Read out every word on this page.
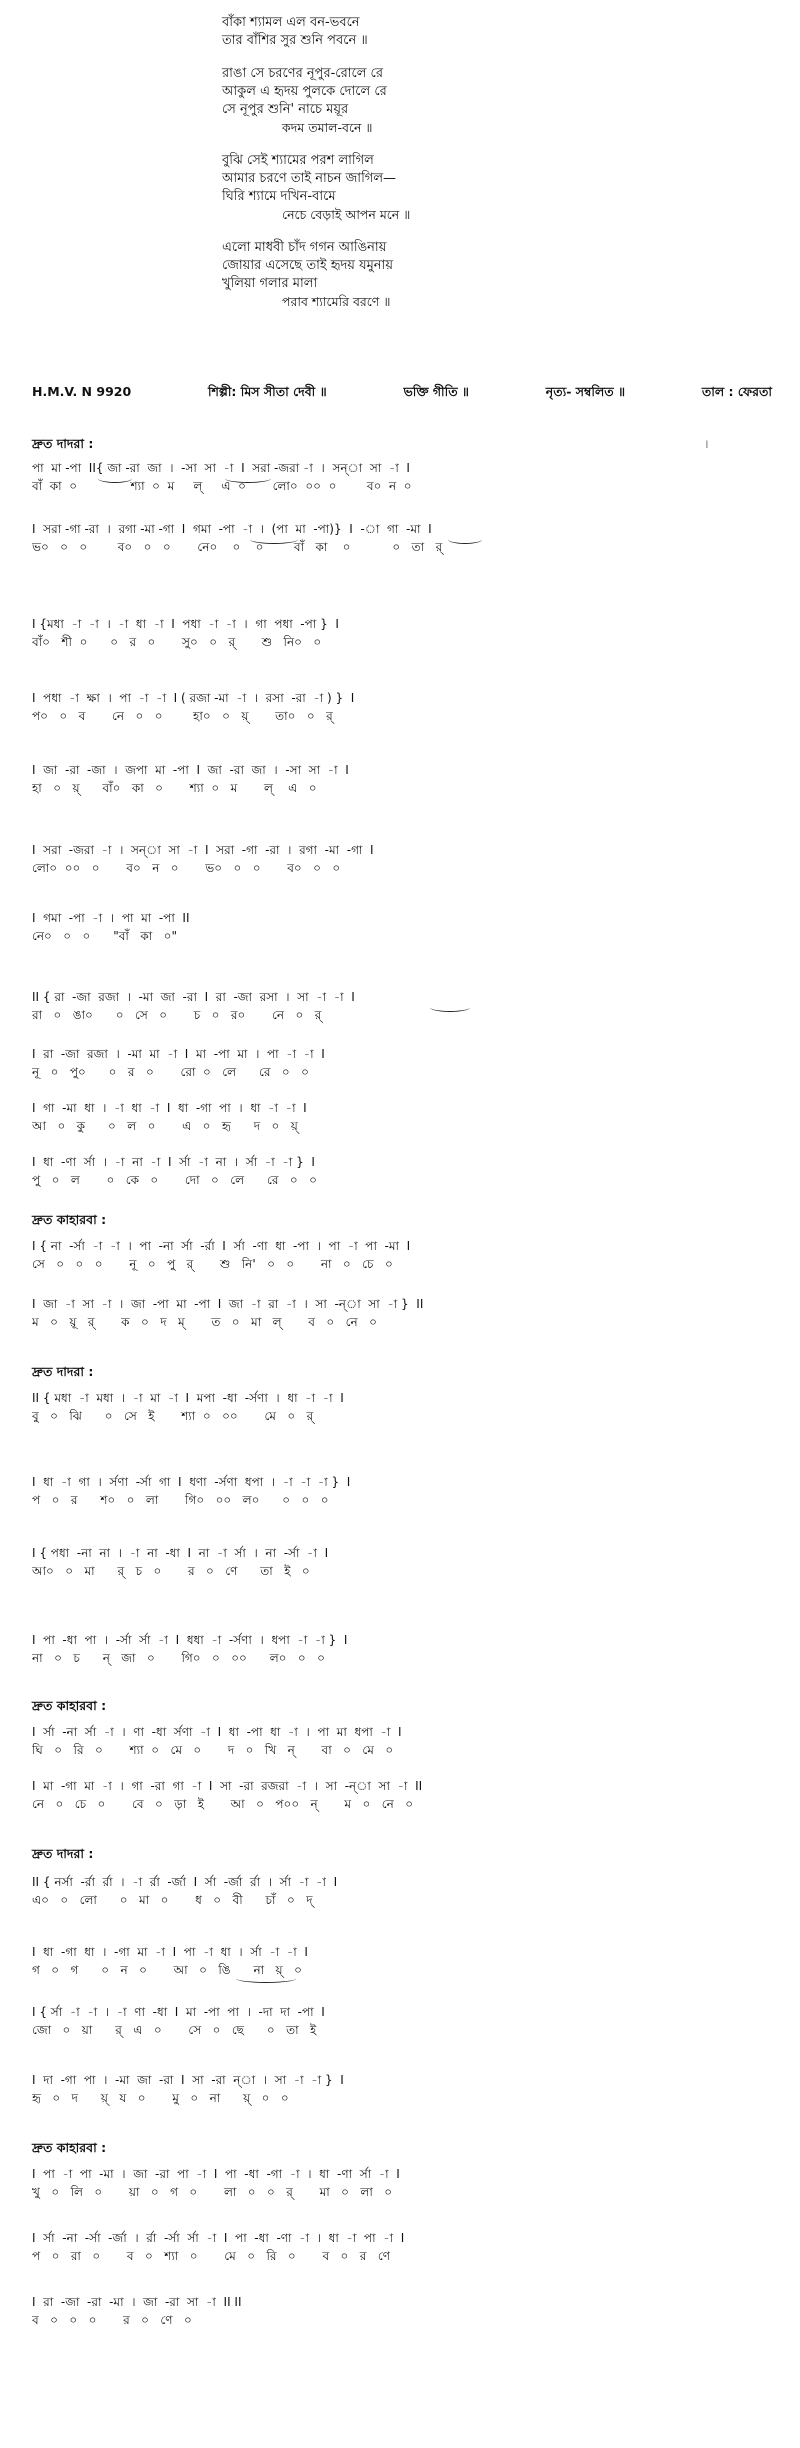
বাঁকা শ্যামল এল বন-ভবনে
তার বাঁশির সুর শুনি পবনে ॥
রাঙা সে চরণের নূপুর-রোলে রে
আকুল এ হৃদয় পুলকে দোলে রে
সে নূপুর শুনি' নাচে ময়ূর
কদম তমাল-বনে ॥
বুঝি সেই শ্যামের পরশ লাগিল
আমার চরণে তাই নাচন জাগিল—
ঘিরি শ্যামে দখিন-বামে
নেচে বেড়াই আপন মনে ॥
এলো মাধবী চাঁদ গগন আঙিনায়
জোয়ার এসেছে তাই হৃদয় যমুনায়
খুলিয়া গলার মালা
পরাব শ্যামেরি বরণে ॥
H.M.V. N 9920	শিল্পী: মিস সীতা দেবী ॥	ভক্তি গীতি ॥	নৃত্য- সম্বলিত ॥	তাল : ফেরতা
দ্রুত দাদরা :	৷
পা  মা -পা  II{ জা -রা  জা  ।  -সা  সা  -া  I  সরা -জরা -া  ।  সন্‌া  সা  -া  I
বাঁ  কা  ০              শ্যা  ০  ম     ল্     এ  ০       লো০  ০০  ০        ব০  ন  ০
I  সরা -গা -রা  ।  রগা -মা -গা  I  গমা  -পা  -া  ।  (পা  মা  -পা)}  I  -া  গা  -মা  I
ভ০   ০   ০        ব০   ০   ০       নে০    ০    ০        বাঁ   কা    ০           ০   তা   র্
I {মধা  -া  -া  ।  -া  ধা  -া  I  পধা  -া  -া  ।  গা  পধা  -পা }  I
বাঁ০   শী  ০      ০   র   ০       সু০   ০   র্       শু   নি০   ০
I  পধা  -া  ক্ষা  ।  পা  -া  -া  I ( রজা -মা  -া  ।  রসা  -রা  -া ) }  I
প০   ০   ব       নে   ০   ০        হা০   ০   য়্       তা০   ০   র্
I  জা  -রা  -জা  ।  জপা  মা  -পা  I  জা  -রা  জা  ।  -সা  সা  -া  I
হা   ০   য়্      বাঁ০   কা   ০       শ্যা  ০   ম       ল্    এ   ০
I  সরা  -জরা  -া  ।  সন্‌া  সা  -া  I  সরা  -গা  -রা  ।  রগা  -মা  -গা  I
লো০  ০০   ০       ব০   ন   ০       ভ০   ০   ০       ব০   ০   ০
I  গমা  -পা  -া  ।  পা  মা  -পা  II
নে০   ০   ০      "বাঁ   কা   ০"
II { রা  -জা  রজা  ।  -মা  জা  -রা  I  রা  -জা  রসা  ।  সা  -া  -া  I
রা   ০   ঙা০      ০   সে   ০       চ   ০   র০       নে   ০   র্
I  রা  -জা  রজা  ।  -মা  মা  -া  I  মা  -পা  মা  ।  পা  -া  -া  I
নূ   ০   পু০      ০   র   ০       রো  ০   লে      রে   ০   ০
I  গা  -মা  ধা  ।  -া  ধা  -া  I  ধা  -গা  পা  ।  ধা  -া  -া  I
আ   ০   কু      ০   ল   ০       এ   ০   হৃ      দ   ০   য়্
I  ধা  -ণা  র্সা  ।  -া  না  -া  I  র্সা  -া  না  ।  র্সা  -া  -া }  I
পু   ০   ল       ০   কে   ০       দো   ০   লে      রে   ০   ০
দ্রুত কাহারবা :
I { না  -র্সা  -া  -া  ।  পা  -না  র্সা  -র্রা  I  র্সা  -ণা  ধা  -পা  ।  পা  -া  পা  -মা  I
সে   ০   ০   ০       নূ   ০   পু   র্       শু   নি'   ০   ০       না   ০   চে   ০
I  জা  -া  সা  -া  ।  জা  -পা  মা  -পা  I  জা  -া  রা  -া  ।  সা  -ন্‌া  সা  -া }  II
ম   ০   য়ূ   র্       ক   ০   দ   ম্       ত   ০   মা   ল্       ব   ০   নে   ০
দ্রুত দাদরা :
II { মধা  -া  মধা  ।  -া  মা  -া  I  মপা  -ধা  -র্সণা  ।  ধা  -া  -া  I
বু   ০   ঝি      ০   সে   ই       শ্যা  ০   ০০       মে   ০   র্
I  ধা  -া  গা  ।  র্সণা  -র্সা  গা  I  ধণা  -র্সণা  ধপা  ।  -া  -া  -া }  I
প   ০   র      শ০   ০   লা       গি০   ০০   ল০      ০   ০   ০
I { পধা  -না  না  ।  -া  না  -ধা  I  না  -া  র্সা  ।  না  -র্সা  -া  I
আ০   ০   মা      র্   চ   ০       র   ০   ণে      তা   ই   ০
I  পা  -ধা  পা  ।  -র্সা  র্সা  -া  I  ধধা  -া  -র্সণা  ।  ধপা  -া  -া }  I
না   ০   চ      ন্   জা   ০       গি০   ০   ০০      ল০   ০   ০
দ্রুত কাহারবা :
I  র্সা  -না  র্সা  -া  ।  ণা  -ধা  র্সণা  -া  I  ধা  -পা  ধা  -া  ।  পা  মা  ধপা  -া  I
ঘি   ০   রি   ০       শ্যা  ০   মে   ০       দ   ০   খি   ন্       বা   ০   মে   ০
I  মা  -গা  মা  -া  ।  গা  -রা  গা  -া  I  সা  -রা  রজরা  -া  ।  সা  -ন্‌া  সা  -া  II
নে   ০   চে   ০       বে   ০   ড়া   ই       আ   ০   প০০   ন্       ম   ০   নে   ০
দ্রুত দাদরা :
II { নর্সা  -র্রা  র্রা  ।  -া  র্রা  -র্জা  I  র্সা  -র্জা  র্রা  ।  র্সা  -া  -া  I
এ০   ০   লো      ০   মা   ০       ধ   ০   বী      চাঁ   ০   দ্
I  ধা  -গা  ধা  ।  -গা  মা  -া  I  পা  -া  ধা  ।  র্সা  -া  -া  I
গ   ০   গ      ০   ন   ০       আ   ০   ঙি      না   য়্   ০
I { র্সা  -া  -া  ।  -া  ণা  -ধা  I  মা  -পা  পা  ।  -দা  দা  -পা  I
জো   ০   য়া      র্   এ   ০       সে   ০   ছে      ০   তা   ই
I  দা  -গা  পা  ।  -মা  জা  -রা  I  সা  -রা  ন্‌া  ।  সা  -া  -া }  I
হৃ   ০   দ      য়্   য   ০       মু   ০   না      য়্   ০   ০
দ্রুত কাহারবা :
I  পা  -া  পা  -মা  ।  জা  -রা  পা  -া  I  পা  -ধা  -গা  -া  ।  ধা  -ণা  র্সা  -া  I
খু   ০   লি   ০       য়া   ০   গ   ০       লা   ০   ০   র্       মা   ০   লা   ০
I  র্সা  -না  -র্সা  -র্জা  ।  র্রা  -র্সা  র্সা  -া  I  পা  -ধা  -ণা  -া  ।  ধা  -া  পা  -া  I
প   ০   রা   ০       ব   ০   শ্যা   ০       মে   ০   রি   ০       ব   ০   র   ণে
I  রা  -জা  -রা  -মা  ।  জা  -রা  সা  -া  II II
ব   ০   ০   ০       র   ০   ণে   ০
